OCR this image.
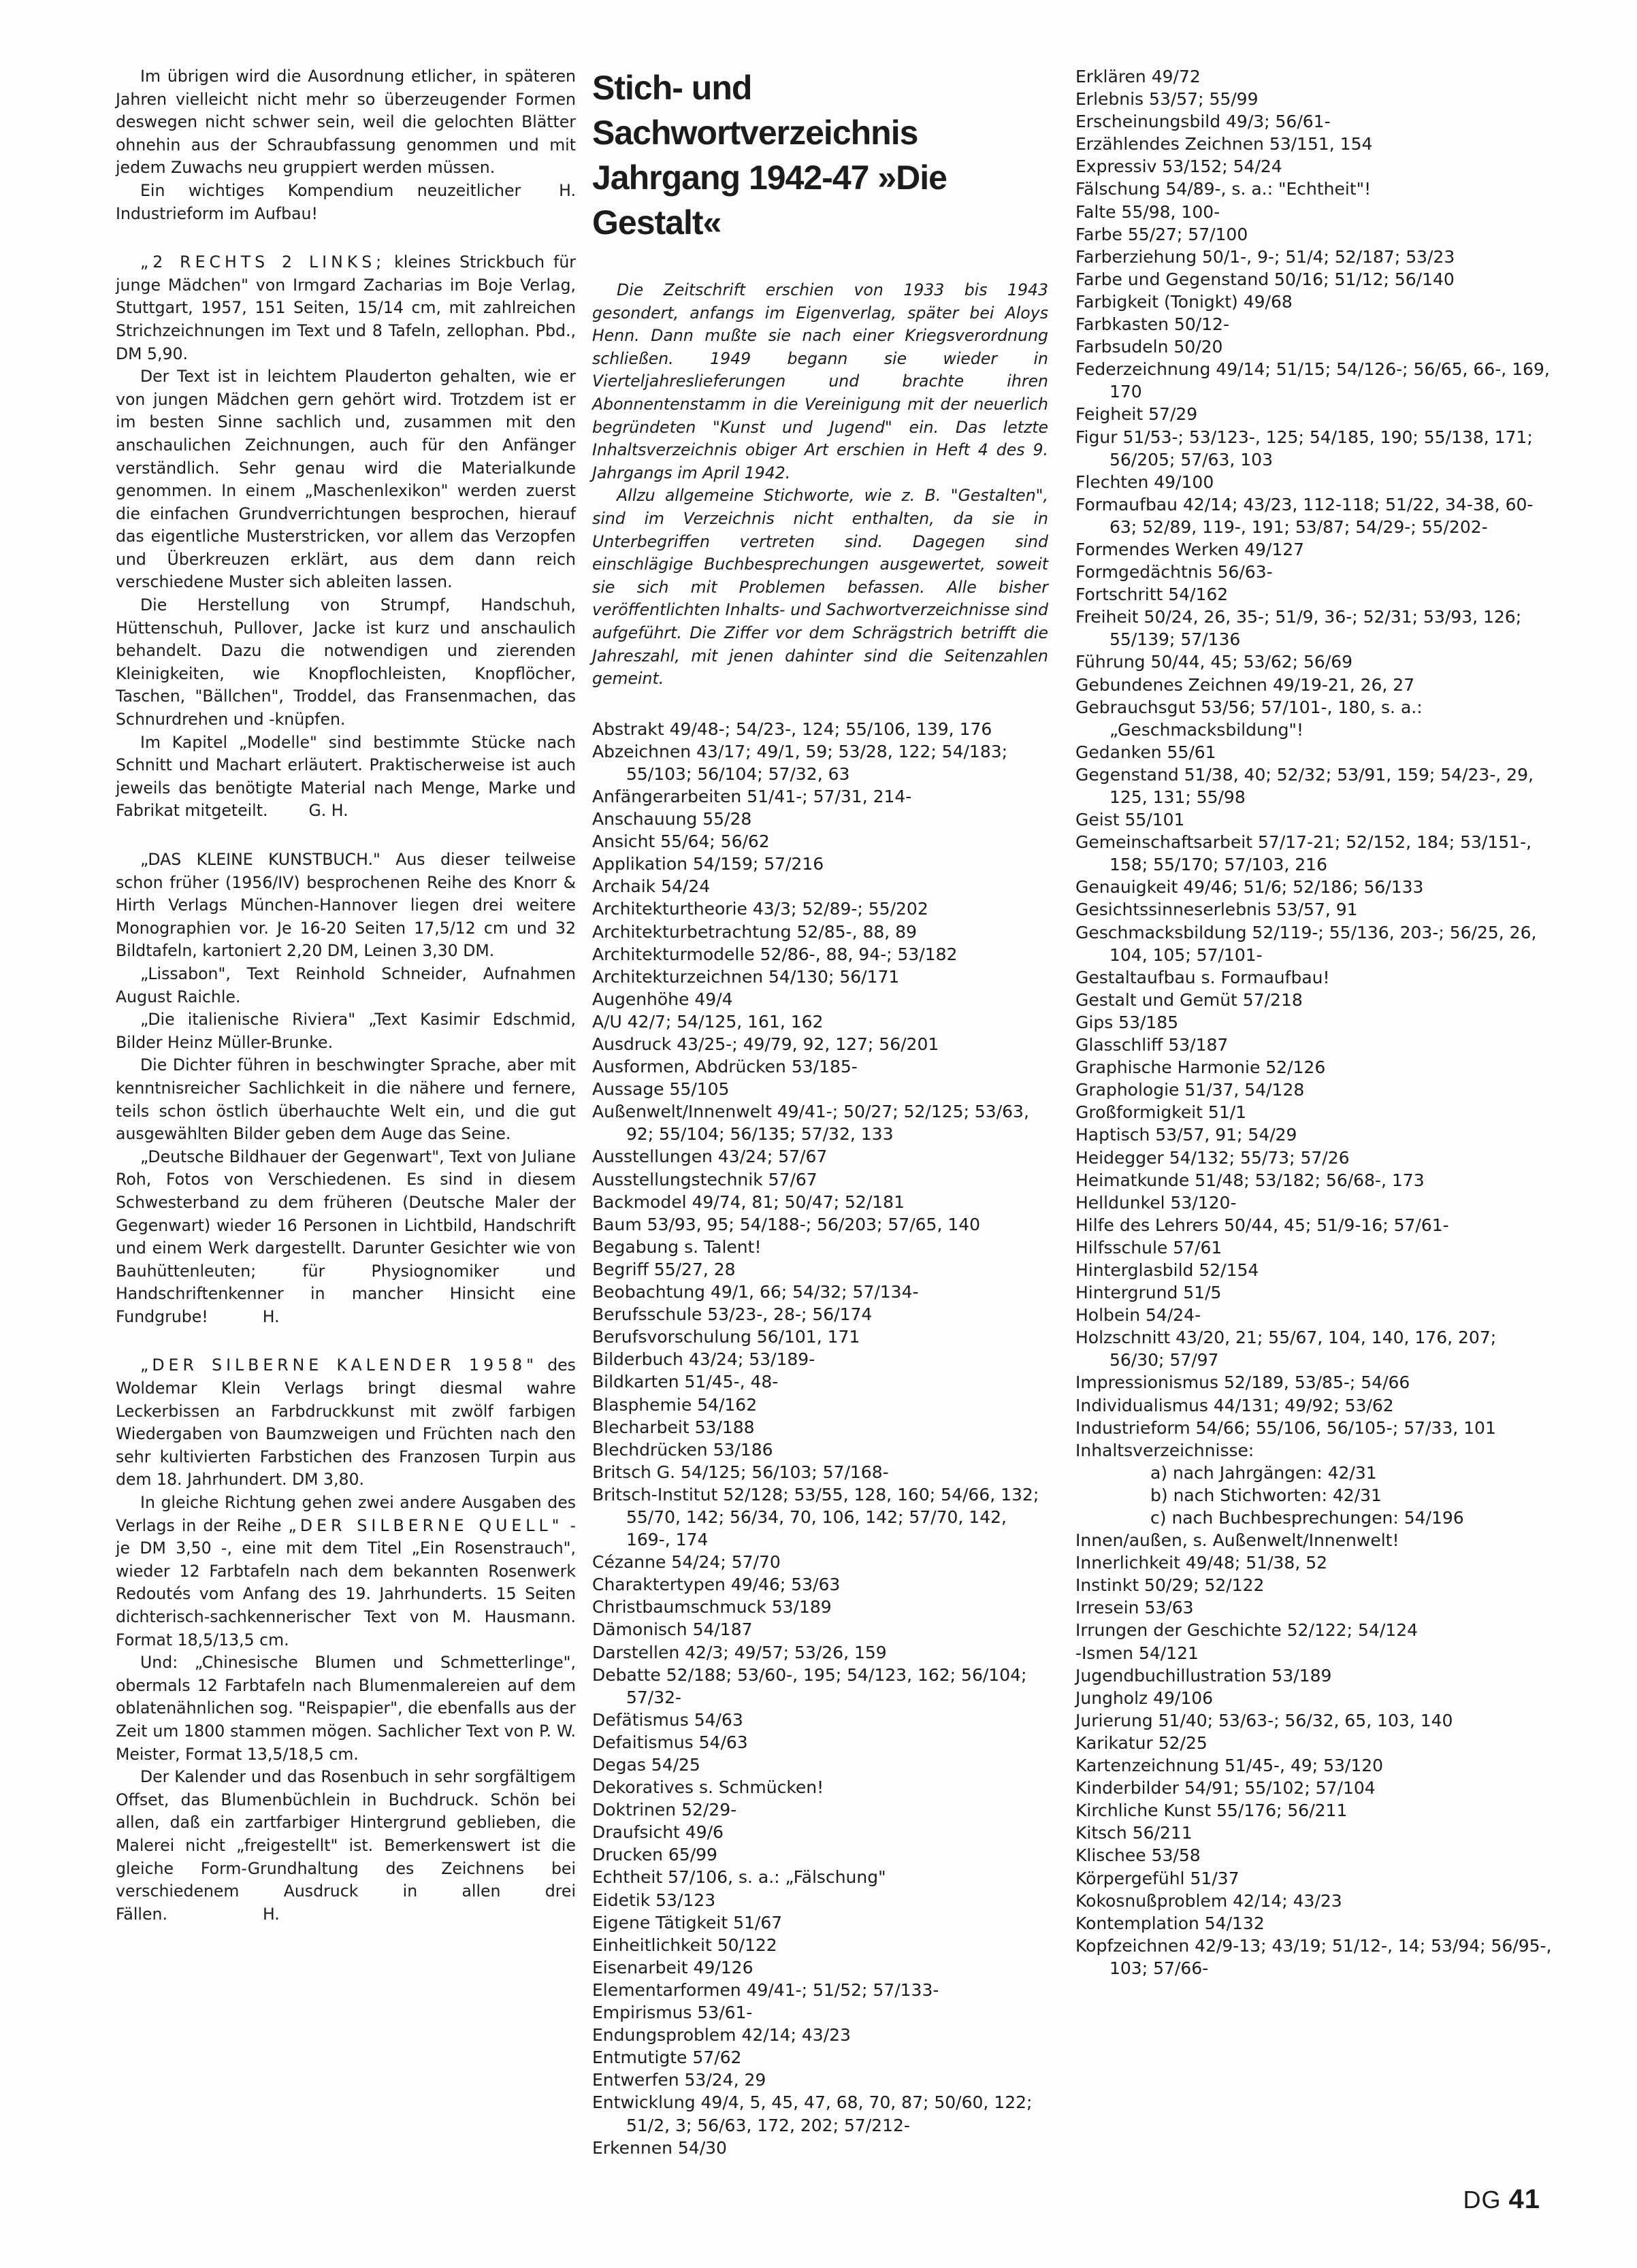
Im übrigen wird die Ausordnung etlicher, in späteren Jahren vielleicht nicht mehr so überzeugender Formen deswegen nicht schwer sein, weil die gelochten Blätter ohnehin aus der Schraubfassung genommen und mit jedem Zuwachs neu gruppiert werden müssen.

Ein wichtiges Kompendium neuzeitlicher Industrieform im Aufbau!
H.

„2 RECHTS 2 LINKS; kleines Strickbuch für junge Mädchen" von Irmgard Zacharias im Boje Verlag, Stuttgart, 1957, 151 Seiten, 15/14 cm, mit zahlreichen Strichzeichnungen im Text und 8 Tafeln, zellophan. Pbd., DM 5,90.

Der Text ist in leichtem Plauderton gehalten, wie er von jungen Mädchen gern gehört wird. Trotzdem ist er im besten Sinne sachlich und, zusammen mit den anschaulichen Zeichnungen, auch für den Anfänger verständlich. Sehr genau wird die Materialkunde genommen. In einem „Maschenlexikon" werden zuerst die einfachen Grundverrichtungen besprochen, hierauf das eigentliche Musterstricken, vor allem das Verzopfen und Überkreuzen erklärt, aus dem dann reich verschiedene Muster sich ableiten lassen.

Die Herstellung von Strumpf, Handschuh, Hüttenschuh, Pullover, Jacke ist kurz und anschaulich behandelt. Dazu die notwendigen und zierenden Kleinigkeiten, wie Knopflochleisten, Knopflöcher, Taschen, "Bällchen", Troddel, das Fransenmachen, das Schnurdrehen und -knüpfen.

Im Kapitel „Modelle" sind bestimmte Stücke nach Schnitt und Machart erläutert. Praktischerweise ist auch jeweils das benötigte Material nach Menge, Marke und Fabrikat mitgeteilt.	G. H.

„DAS KLEINE KUNSTBUCH." Aus dieser teilweise schon früher (1956/IV) besprochenen Reihe des Knorr & Hirth Verlags München-Hannover liegen drei weitere Monographien vor. Je 16-20 Seiten 17,5/12 cm und 32 Bildtafeln, kartoniert 2,20 DM, Leinen 3,30 DM.

„Lissabon", Text Reinhold Schneider, Aufnahmen August Raichle.

„Die italienische Riviera" „Text Kasimir Edschmid, Bilder Heinz Müller-Brunke.

Die Dichter führen in beschwingter Sprache, aber mit kenntnisreicher Sachlichkeit in die nähere und fernere, teils schon östlich überhauchte Welt ein, und die gut ausgewählten Bilder geben dem Auge das Seine.

„Deutsche Bildhauer der Gegenwart", Text von Juliane Roh, Fotos von Verschiedenen. Es sind in diesem Schwesterband zu dem früheren (Deutsche Maler der Gegenwart) wieder 16 Personen in Lichtbild, Handschrift und einem Werk dargestellt. Darunter Gesichter wie von Bauhüttenleuten; für Physiognomiker und Handschriftenkenner in mancher Hinsicht eine Fundgrube!	H.

„DER SILBERNE KALENDER 1958" des Woldemar Klein Verlags bringt diesmal wahre Leckerbissen an Farbdruckkunst mit zwölf farbigen Wiedergaben von Baumzweigen und Früchten nach den sehr kultivierten Farbstichen des Franzosen Turpin aus dem 18. Jahrhundert. DM 3,80.

In gleiche Richtung gehen zwei andere Ausgaben des Verlags in der Reihe „DER SILBERNE QUELL" - je DM 3,50 -, eine mit dem Titel „Ein Rosenstrauch", wieder 12 Farbtafeln nach dem bekannten Rosenwerk Redoutés vom Anfang des 19. Jahrhunderts. 15 Seiten dichterisch-sachkennerischer Text von M. Hausmann. Format 18,5/13,5 cm.

Und: „Chinesische Blumen und Schmetterlinge", obermals 12 Farbtafeln nach Blumenmalereien auf dem oblatenähnlichen sog. "Reispapier", die ebenfalls aus der Zeit um 1800 stammen mögen. Sachlicher Text von P. W. Meister, Format 13,5/18,5 cm.

Der Kalender und das Rosenbuch in sehr sorgfältigem Offset, das Blumenbüchlein in Buchdruck. Schön bei allen, daß ein zartfarbiger Hintergrund geblieben, die Malerei nicht „freigestellt" ist. Bemerkenswert ist die gleiche Form-Grundhaltung des Zeichnens bei verschiedenem Ausdruck in allen drei Fällen.	H.

Stich- und Sachwortverzeichnis
Jahrgang 1942-47 »Die Gestalt«

Die Zeitschrift erschien von 1933 bis 1943 gesondert, anfangs im Eigenverlag, später bei Aloys Henn. Dann mußte sie nach einer Kriegsverordnung schließen. 1949 begann sie wieder in Vierteljahreslieferungen und brachte ihren Abonnentenstamm in die Vereinigung mit der neuerlich begründeten "Kunst und Jugend" ein. Das letzte Inhaltsverzeichnis obiger Art erschien in Heft 4 des 9. Jahrgangs im April 1942.

Allzu allgemeine Stichworte, wie z. B. "Gestalten", sind im Verzeichnis nicht enthalten, da sie in Unterbegriffen vertreten sind. Dagegen sind einschlägige Buchbesprechungen ausgewertet, soweit sie sich mit Problemen befassen. Alle bisher veröffentlichten Inhalts- und Sachwortverzeichnisse sind aufgeführt. Die Ziffer vor dem Schrägstrich betrifft die Jahreszahl, mit jenen dahinter sind die Seitenzahlen gemeint.

Abstrakt 49/48-; 54/23-, 124; 55/106, 139, 176

Abzeichnen 43/17; 49/1, 59; 53/28, 122; 54/183; 55/103; 56/104; 57/32, 63

Anfängerarbeiten 51/41-; 57/31, 214-

Anschauung 55/28

Ansicht 55/64; 56/62

Applikation 54/159; 57/216

Archaik 54/24

Architekturtheorie 43/3; 52/89-; 55/202

Architekturbetrachtung 52/85-, 88, 89

Architekturmodelle 52/86-, 88, 94-; 53/182

Architekturzeichnen 54/130; 56/171

Augenhöhe 49/4

A/U 42/7; 54/125, 161, 162

Ausdruck 43/25-; 49/79, 92, 127; 56/201

Ausformen, Abdrücken 53/185-

Aussage 55/105

Außenwelt/Innenwelt 49/41-; 50/27; 52/125; 53/63, 92; 55/104; 56/135; 57/32, 133

Ausstellungen 43/24; 57/67

Ausstellungstechnik 57/67

Backmodel 49/74, 81; 50/47; 52/181

Baum 53/93, 95; 54/188-; 56/203; 57/65, 140

Begabung s. Talent!

Begriff 55/27, 28

Beobachtung 49/1, 66; 54/32; 57/134-

Berufsschule 53/23-, 28-; 56/174

Berufsvorschulung 56/101, 171

Bilderbuch 43/24; 53/189-

Bildkarten 51/45-, 48-

Blasphemie 54/162

Blecharbeit 53/188

Blechdrücken 53/186

Britsch G. 54/125; 56/103; 57/168-

Britsch-Institut 52/128; 53/55, 128, 160; 54/66, 132; 55/70, 142; 56/34, 70, 106, 142; 57/70, 142, 169-, 174

Cézanne 54/24; 57/70

Charaktertypen 49/46; 53/63

Christbaumschmuck 53/189

Dämonisch 54/187

Darstellen 42/3; 49/57; 53/26, 159

Debatte 52/188; 53/60-, 195; 54/123, 162; 56/104; 57/32-

Defätismus 54/63

Defaitismus 54/63

Degas 54/25

Dekoratives s. Schmücken!

Doktrinen 52/29-

Draufsicht 49/6

Drucken 65/99

Echtheit 57/106, s. a.: „Fälschung"

Eidetik 53/123

Eigene Tätigkeit 51/67

Einheitlichkeit 50/122

Eisenarbeit 49/126

Elementarformen 49/41-; 51/52; 57/133-

Empirismus 53/61-

Endungsproblem 42/14; 43/23

Entmutigte 57/62

Entwerfen 53/24, 29

Entwicklung 49/4, 5, 45, 47, 68, 70, 87; 50/60, 122; 51/2, 3; 56/63, 172, 202; 57/212-

Erkennen 54/30

Erklären 49/72

Erlebnis 53/57; 55/99

Erscheinungsbild 49/3; 56/61-

Erzählendes Zeichnen 53/151, 154

Expressiv 53/152; 54/24

Fälschung 54/89-, s. a.: "Echtheit"!

Falte 55/98, 100-

Farbe 55/27; 57/100

Farberziehung 50/1-, 9-; 51/4; 52/187; 53/23

Farbe und Gegenstand 50/16; 51/12; 56/140

Farbigkeit (Tonigkt) 49/68

Farbkasten 50/12-

Farbsudeln 50/20

Federzeichnung 49/14; 51/15; 54/126-; 56/65, 66-, 169, 170

Feigheit 57/29

Figur 51/53-; 53/123-, 125; 54/185, 190; 55/138, 171; 56/205; 57/63, 103

Flechten 49/100

Formaufbau 42/14; 43/23, 112-118; 51/22, 34-38, 60-63; 52/89, 119-, 191; 53/87; 54/29-; 55/202-

Formendes Werken 49/127

Formgedächtnis 56/63-

Fortschritt 54/162

Freiheit 50/24, 26, 35-; 51/9, 36-; 52/31; 53/93, 126; 55/139; 57/136

Führung 50/44, 45; 53/62; 56/69

Gebundenes Zeichnen 49/19-21, 26, 27

Gebrauchsgut 53/56; 57/101-, 180, s. a.: „Geschmacksbildung"!

Gedanken 55/61

Gegenstand 51/38, 40; 52/32; 53/91, 159; 54/23-, 29, 125, 131; 55/98

Geist 55/101

Gemeinschaftsarbeit 57/17-21; 52/152, 184; 53/151-, 158; 55/170; 57/103, 216

Genauigkeit 49/46; 51/6; 52/186; 56/133

Gesichtssinneserlebnis 53/57, 91

Geschmacksbildung 52/119-; 55/136, 203-; 56/25, 26, 104, 105; 57/101-

Gestaltaufbau s. Formaufbau!

Gestalt und Gemüt 57/218

Gips 53/185

Glasschliff 53/187

Graphische Harmonie 52/126

Graphologie 51/37, 54/128

Großformigkeit 51/1

Haptisch 53/57, 91; 54/29

Heidegger 54/132; 55/73; 57/26

Heimatkunde 51/48; 53/182; 56/68-, 173

Helldunkel 53/120-

Hilfe des Lehrers 50/44, 45; 51/9-16; 57/61-

Hilfsschule 57/61

Hinterglasbild 52/154

Hintergrund 51/5

Holbein 54/24-

Holzschnitt 43/20, 21; 55/67, 104, 140, 176, 207; 56/30; 57/97

Impressionismus 52/189, 53/85-; 54/66

Individualismus 44/131; 49/92; 53/62

Industrieform 54/66; 55/106, 56/105-; 57/33, 101

Inhaltsverzeichnisse:

a) nach Jahrgängen: 42/31

b) nach Stichworten: 42/31

c) nach Buchbesprechungen: 54/196

Innen/außen, s. Außenwelt/Innenwelt!

Innerlichkeit 49/48; 51/38, 52

Instinkt 50/29; 52/122

Irresein 53/63

Irrungen der Geschichte 52/122; 54/124

-Ismen 54/121

Jugendbuchillustration 53/189

Jungholz 49/106

Jurierung 51/40; 53/63-; 56/32, 65, 103, 140

Karikatur 52/25

Kartenzeichnung 51/45-, 49; 53/120

Kinderbilder 54/91; 55/102; 57/104

Kirchliche Kunst 55/176; 56/211

Kitsch 56/211

Klischee 53/58

Körpergefühl 51/37

Kokosnußproblem 42/14; 43/23

Kontemplation 54/132

Kopfzeichnen 42/9-13; 43/19; 51/12-, 14; 53/94; 56/95-, 103; 57/66-

DG 41
